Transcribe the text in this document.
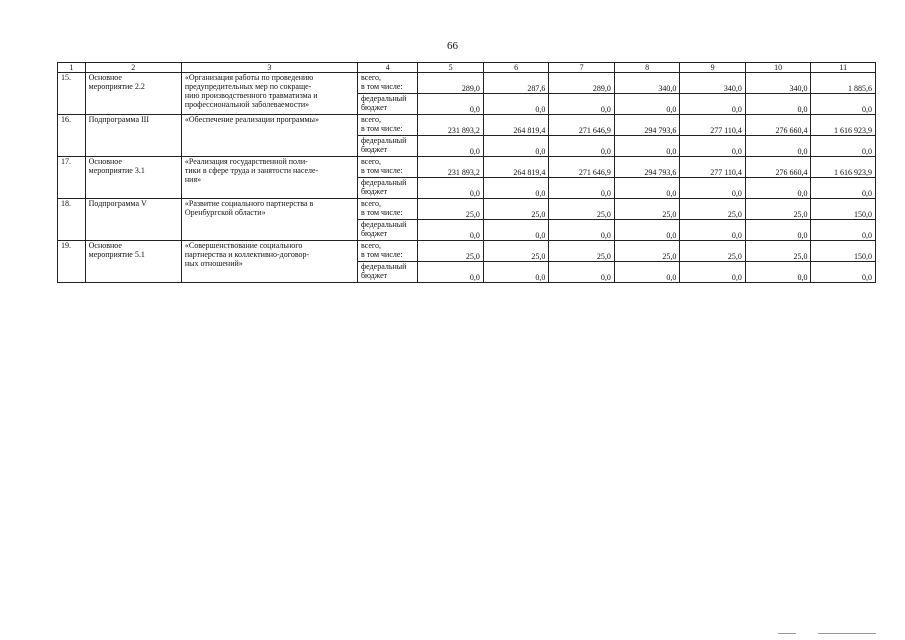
66
1	2	3	4	5	6	7	8	9	10	11
15.	Основное
мероприятие 2.2	«Организация работы по проведению
предупредительных мер по сокраще-
нию производственного травматизма и
профессиональной заболеваемости»	всего,
в том числе:	289,0	287,6	289,0	340,0	340,0	340,0	1 885,6
			федеральный
бюджет	0,0	0,0	0,0	0,0	0,0	0,0	0,0
16.	Подпрограмма III	«Обеспечение реализации программы»	всего,
в том числе:	231 893,2	264 819,4	271 646,9	294 793,6	277 110,4	276 660,4	1 616 923,9
			федеральный
бюджет	0,0	0,0	0,0	0,0	0,0	0,0	0,0
17.	Основное
мероприятие 3.1	«Реализация государственной поли-
тики в сфере труда и занятости населе-
ния»	всего,
в том числе:	231 893,2	264 819,4	271 646,9	294 793,6	277 110,4	276 660,4	1 616 923,9
			федеральный
бюджет	0,0	0,0	0,0	0,0	0,0	0,0	0,0
18.	Подпрограмма V	«Развитие социального партнерства в
Оренбургской области»	всего,
в том числе:	25,0	25,0	25,0	25,0	25,0	25,0	150,0
			федеральный
бюджет	0,0	0,0	0,0	0,0	0,0	0,0	0,0
19.	Основное
мероприятие 5.1	«Совершенствование социального
партнерства и коллективно-договор-
ных отношений»	всего,
в том числе:	25,0	25,0	25,0	25,0	25,0	25,0	150,0
			федеральный
бюджет	0,0	0,0	0,0	0,0	0,0	0,0	0,0
